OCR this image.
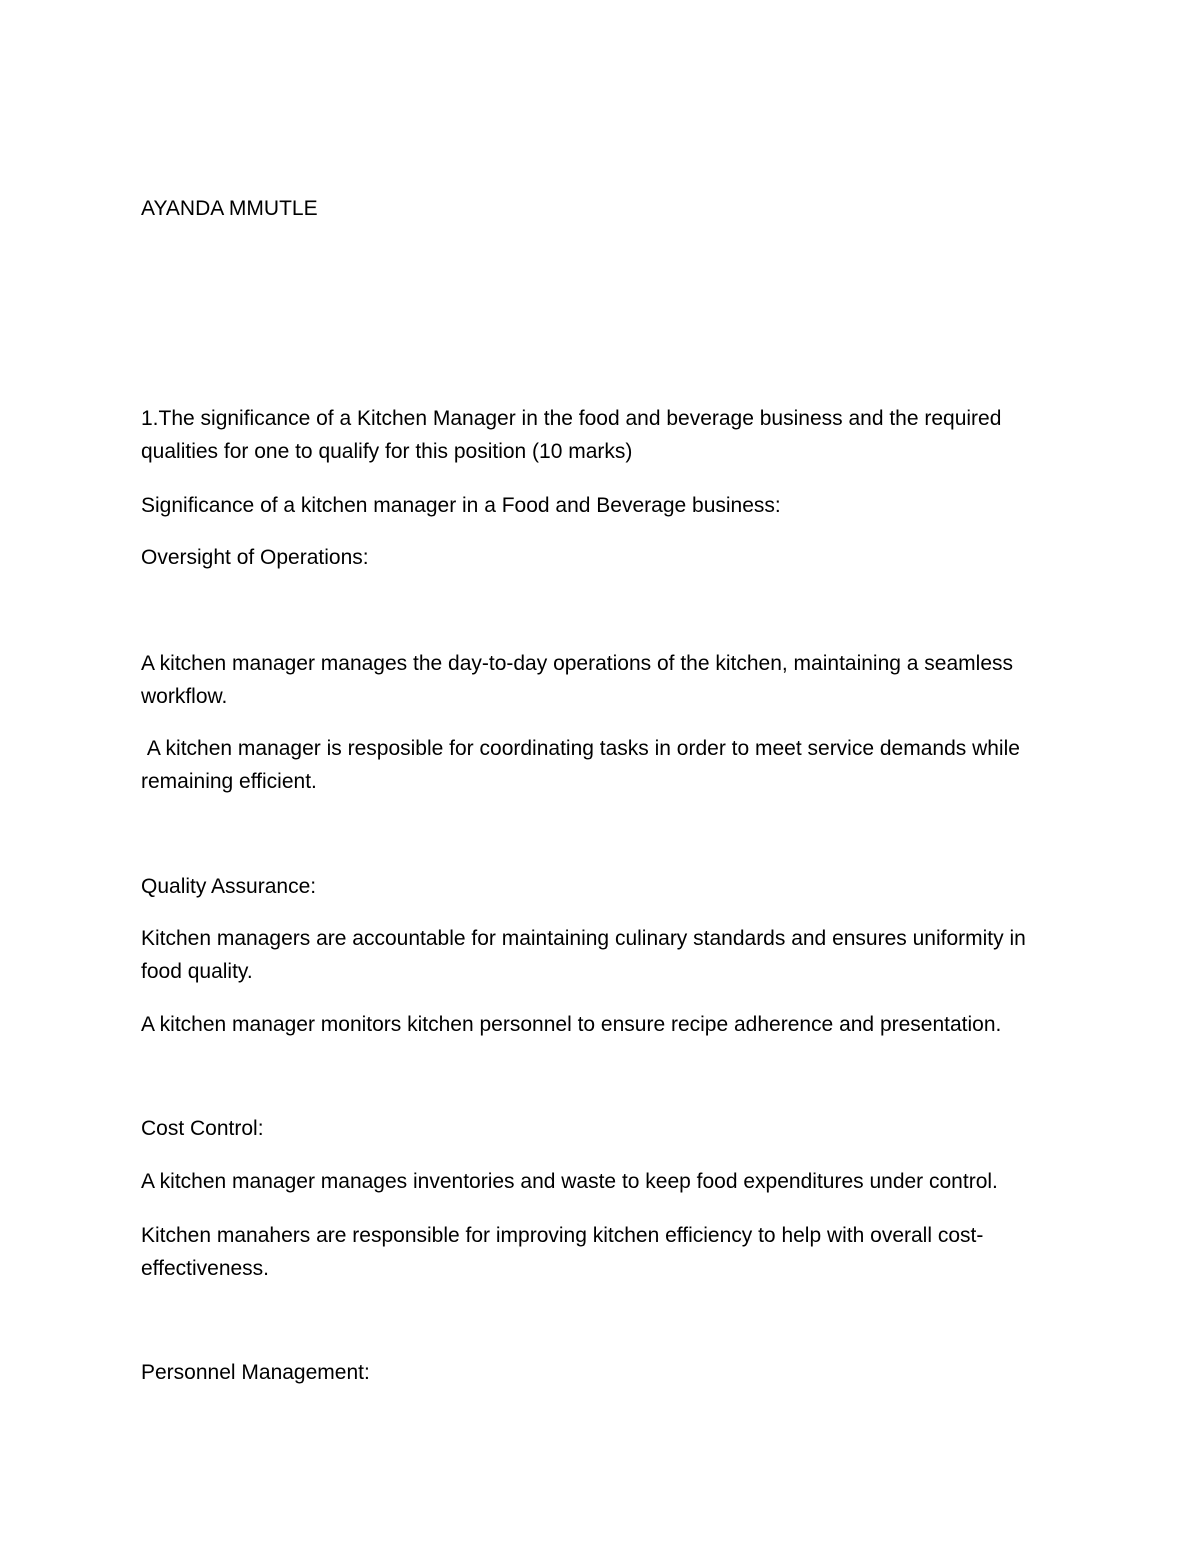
AYANDA MMUTLE

1.The significance of a Kitchen Manager in the food and beverage business and the required qualities for one to qualify for this position (10 marks)

Significance of a kitchen manager in a Food and Beverage business:

Oversight of Operations:

A kitchen manager manages the day-to-day operations of the kitchen, maintaining a seamless workflow.

A kitchen manager is resposible for coordinating tasks in order to meet service demands while remaining efficient.

Quality Assurance:

Kitchen managers are accountable for maintaining culinary standards and ensures uniformity in food quality.

A kitchen manager monitors kitchen personnel to ensure recipe adherence and presentation.

Cost Control:

A kitchen manager manages inventories and waste to keep food expenditures under control.

Kitchen manahers are responsible for improving kitchen efficiency to help with overall cost-effectiveness.

Personnel Management:
